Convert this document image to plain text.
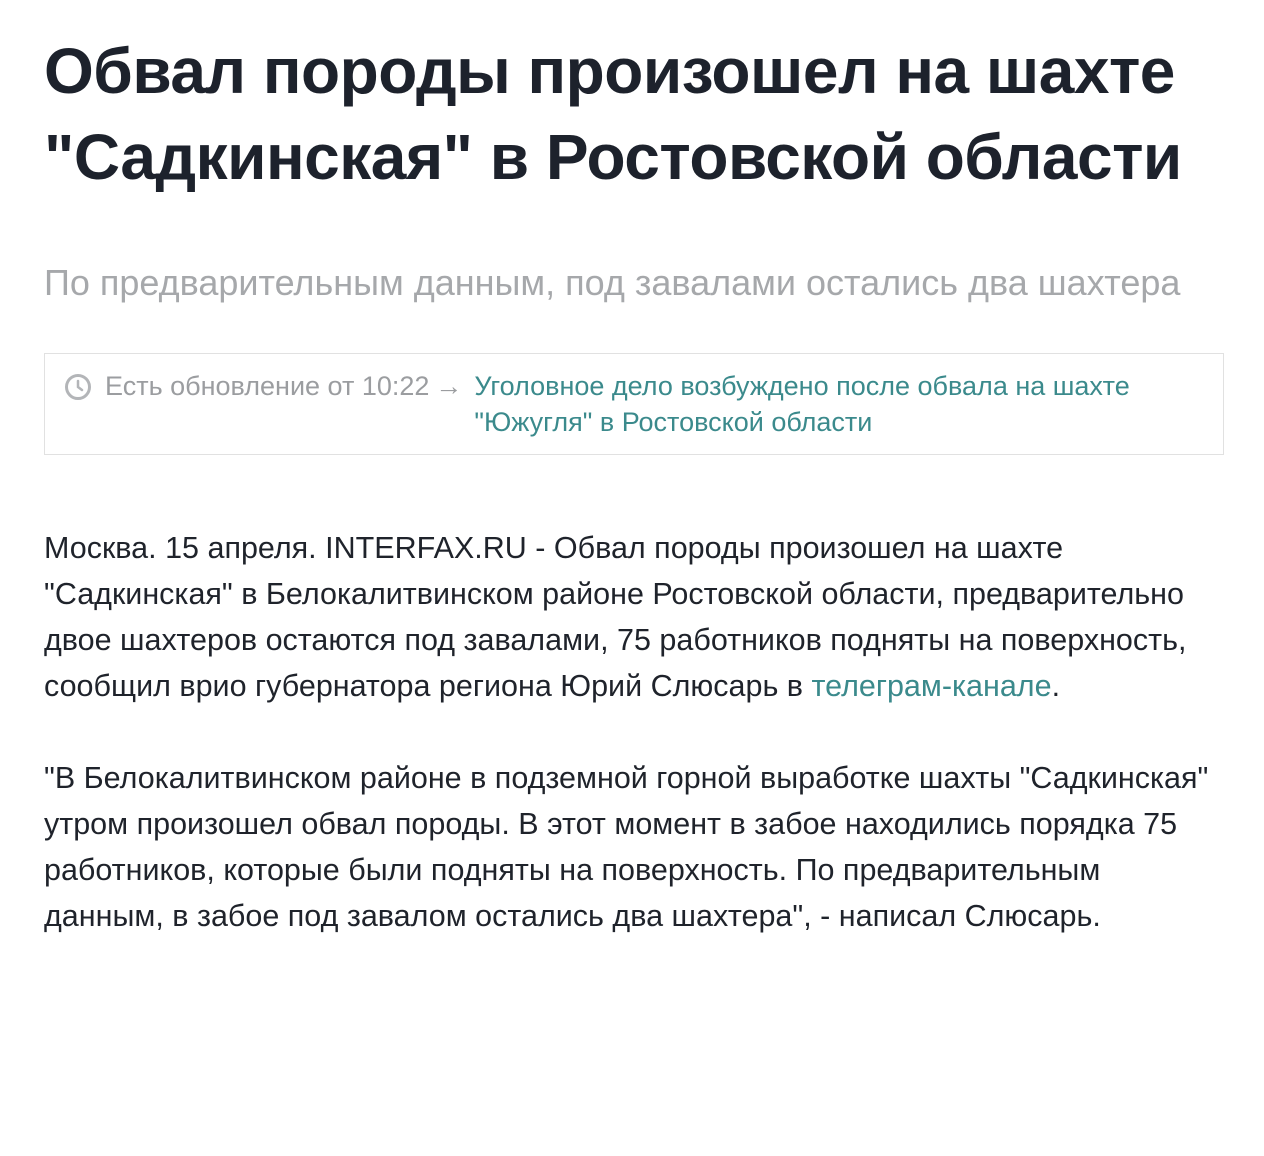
Обвал породы произошел на шахте "Садкинская" в Ростовской области
По предварительным данным, под завалами остались два шахтера
Есть обновление от 10:22 → Уголовное дело возбуждено после обвала на шахте "Южугля" в Ростовской области

Москва. 15 апреля. INTERFAX.RU - Обвал породы произошел на шахте "Садкинская" в Белокалитвинском районе Ростовской области, предварительно двое шахтеров остаются под завалами, 75 работников подняты на поверхность, сообщил врио губернатора региона Юрий Слюсарь в телеграм-канале.

"В Белокалитвинском районе в подземной горной выработке шахты "Садкинская" утром произошел обвал породы. В этот момент в забое находились порядка 75 работников, которые были подняты на поверхность. По предварительным данным, в забое под завалом остались два шахтера", - написал Слюсарь.
